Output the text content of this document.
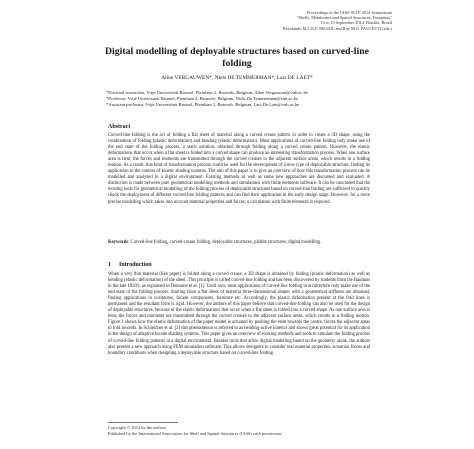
Proceedings of the IASS-SLTE 2014 Symposium
"Shells, Membranes and Spatial Structures: Footprints"
15 to 19 September 2014, Brasilia, Brazil
Reyolando M.L.R.F. BRASIL and Ruy M.O. PAULETTI (eds.)
Digital modelling of deployable structures based on curved-line folding
Aline VERGAUWEN*, Niels DE TEMMERMAN*, Lars DE LAET*
*Doctoral researcher, Vrije Universiteit Brussel, Pleinlaan 2, Brussels, Belgium, Aline.Vergauwen@vub.ac.be
*Professor, Vrije Universiteit Brussel, Pleinlaan 2, Brussels, Belgium, Niels.De.Temmerman@vub.ac.be
*Assistant professor, Vrije Universiteit Brussel, Pleinlaan 2, Brussels, Belgium, Lars.De.Laet@vub.ac.be
Abstract
Curved-line folding is the act of folding a flat sheet of material along a curved crease pattern in order to create a 3D shape, using the combination of folding (plastic deformation) and bending (elastic deformation). Most applications of curved-line folding only make use of the end state of the folding process, a static solution, obtained through folding along a curved crease pattern. However, the elastic deformations that occur when a flat sheet is folded into a curved shape can produce an interesting transformation process. When one surface area is bent, the forces and moments are transmitted through the curved creases to the adjacent surface areas, which results in a folding motion. As a result, this kind of transformation process could be used for the development of a new type of deployable structure, finding its application in the context of kinetic shading systems. The aim of this paper is to give an overview of how this transformation process can be modelled and analysed in a digital environment. Existing methods as well as some new approaches are discussed and evaluated. A distinction is made between pure geometrical modelling methods and simulations with finite elements software. It can be concluded that the existing tools for geometrical modelling of the folding process of deployable structures based on curved-line folding are sufficient to quickly check the deployment of different curved-line folding patterns and can find their application in the early design stage. However, for a more precise modelling which takes into account material properties and forces, a calculation with finite elements is required.
Keywords: Curved-line folding, curved-crease folding, deployable structures, pliable structures, digital modelling.
1 Introduction
When a very thin material (like paper) is folded along a curved crease, a 3D shape is obtained by folding (plastic deformation) as well as bending (elastic deformation) of the sheet. This principle is called curved-line folding and has been discovered by students from the Bauhaus in the late 1920's, as explained in Demaine et al. [1]. Until now, most applications of curved-line folding in architecture only make use of the end state of the folding process. Starting from a flat sheet of material three-dimensional shapes with a geometrical stiffness are obtained, finding applications in sculptures, facade components, furniture etc. Accordingly, the plastic deformation present at the fold lines is permanent and the resultant form is rigid. However, the authors of this paper believe that curved-line folding can also be used for the design of deployable structures, because of the elastic deformations that occur when a flat sheet is folded into a curved shape. As one surface area is bent, the forces and moments are transmitted through the curved creases to the adjacent surface areas, which results in a folding motion. Figure 1 shows how the elastic deformation of the paper model is actuated by pushing the ends towards the centre, forces the adjacent areas to fold inwards. In Schleicher et al. [2] this phenomenon is referred to as bending-active kinetics and shows great potential for its application in the design of adaptive facade shading systems. This paper gives an overview of existing methods and tools to simulate the folding process of curved-line folding patterns in a digital environment. Besides tools that allow digital modelling based on the geometry alone, the authors also present a new approach using FEM simulation software. This allows designers to consider real material properties, actuation forces and boundary conditions when designing a deployable structure based on curved-line folding.
Copyright © 2014 by the authors.
Published by the International Association for Shell and Spatial Structures (IASS) with permission.
